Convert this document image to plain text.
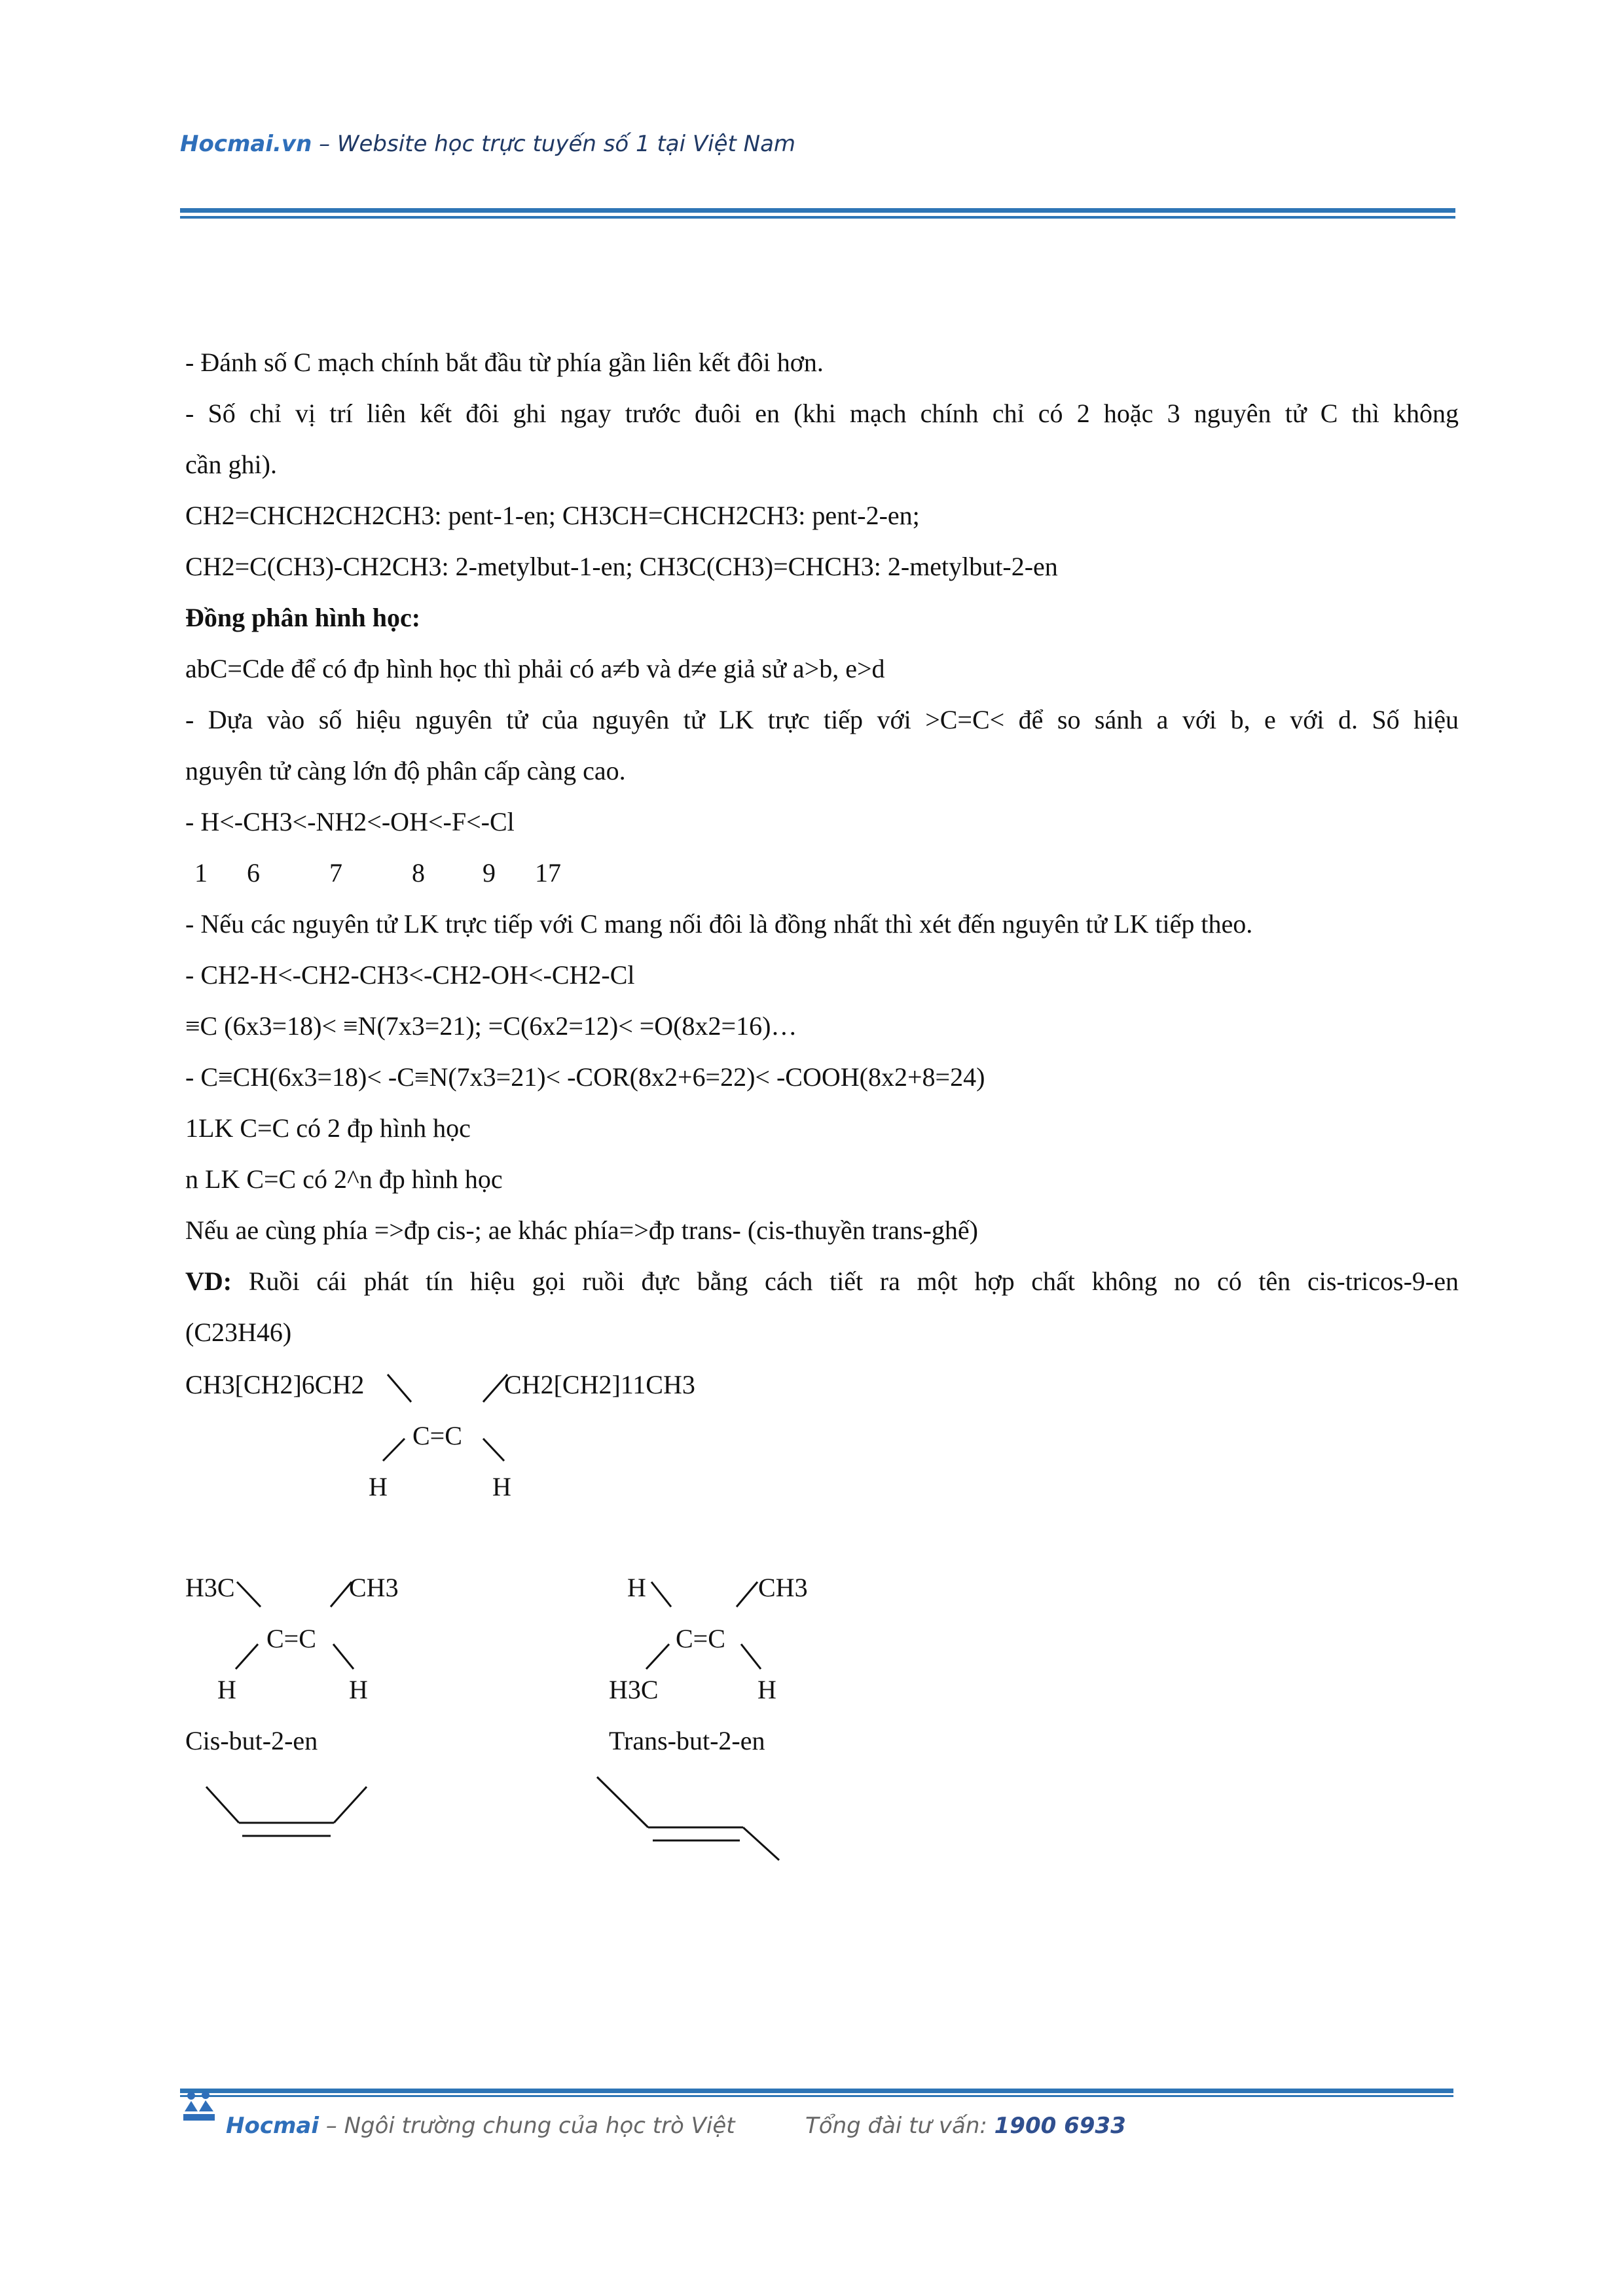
Hocmai.vn – Website học trực tuyến số 1 tại Việt Nam
- Đánh số C mạch chính bắt đầu từ phía gần liên kết đôi hơn.
- Số chỉ vị trí liên kết đôi ghi ngay trước đuôi en (khi mạch chính chỉ có 2 hoặc 3 nguyên tử C thì không
cần ghi).
CH2=CHCH2CH2CH3: pent-1-en; CH3CH=CHCH2CH3: pent-2-en;
CH2=C(CH3)-CH2CH3: 2-metylbut-1-en; CH3C(CH3)=CHCH3: 2-metylbut-2-en
Đồng phân hình học:
abC=Cde để có đp hình học thì phải có a≠b và d≠e giả sử a>b, e>d
- Dựa vào số hiệu nguyên tử của nguyên tử LK trực tiếp với >C=C< để so sánh a với b, e với d. Số hiệu
nguyên tử càng lớn độ phân cấp càng cao.
- H<-CH3<-NH2<-OH<-F<-Cl
1 6	7	8 9 17
- Nếu các nguyên tử LK trực tiếp với C mang nối đôi là đồng nhất thì xét đến nguyên tử LK tiếp theo.
- CH2-H<-CH2-CH3<-CH2-OH<-CH2-Cl
≡C (6x3=18)< ≡N(7x3=21); =C(6x2=12)< =O(8x2=16)…
- C≡CH(6x3=18)< -C≡N(7x3=21)< -COR(8x2+6=22)< -COOH(8x2+8=24)
1LK C=C có 2 đp hình học
n LK C=C có 2^n đp hình học
Nếu ae cùng phía =>đp cis-; ae khác phía=>đp trans- (cis-thuyền trans-ghế)
VD: Ruồi cái phát tín hiệu gọi ruồi đực bằng cách tiết ra một hợp chất không no có tên cis-tricos-9-en
(C23H46)
CH3[CH2]6CH2	CH2[CH2]11CH3
C=C
H	H
H3C	CH3
C=C
H	H
Cis-but-2-en
H	CH3
C=C
H3C	H
Trans-but-2-en
Hocmai – Ngôi trường chung của học trò Việt	Tổng đài tư vấn: 1900 6933
